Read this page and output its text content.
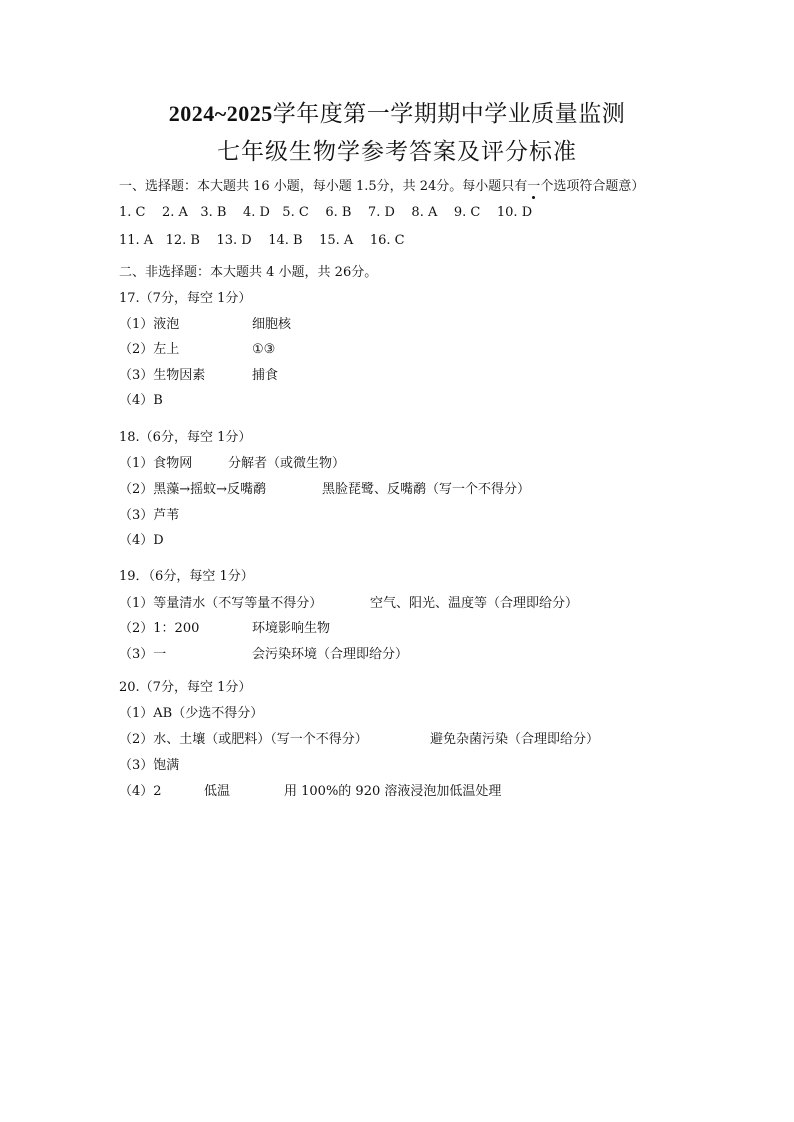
2024~2025学年度第一学期期中学业质量监测
七年级生物学参考答案及评分标准
一、选择题：本大题共 16 小题，每小题 1.5分，共 24分。每小题只有一个选项符合题意）
1. C    2. A   3. B    4. D   5. C    6. B    7. D    8. A    9. C    10. D
11. A   12. B    13. D    14. B    15. A    16. C
二、非选择题：本大题共 4 小题，共 26分。
17.（7分，每空 1分）
（1）液泡	细胞核
（2）左上	①③
（3）生物因素	捕食
（4）B
18.（6分，每空 1分）
（1）食物网	分解者（或微生物）
（2）黑藻→摇蚊→反嘴鹬	黑脸琵鹭、反嘴鹬（写一个不得分）
（3）芦苇
（4）D
19．（6分，每空 1分）
（1）等量清水（不写等量不得分）	空气、阳光、温度等（合理即给分）
（2）1：200	环境影响生物
（3）一	会污染环境（合理即给分）
20.（7分，每空 1分）
（1）AB（少选不得分）
（2）水、土壤（或肥料）（写一个不得分）	避免杂菌污染（合理即给分）
（3）饱满
（4）2	低温	用 100%的 920 溶液浸泡加低温处理
